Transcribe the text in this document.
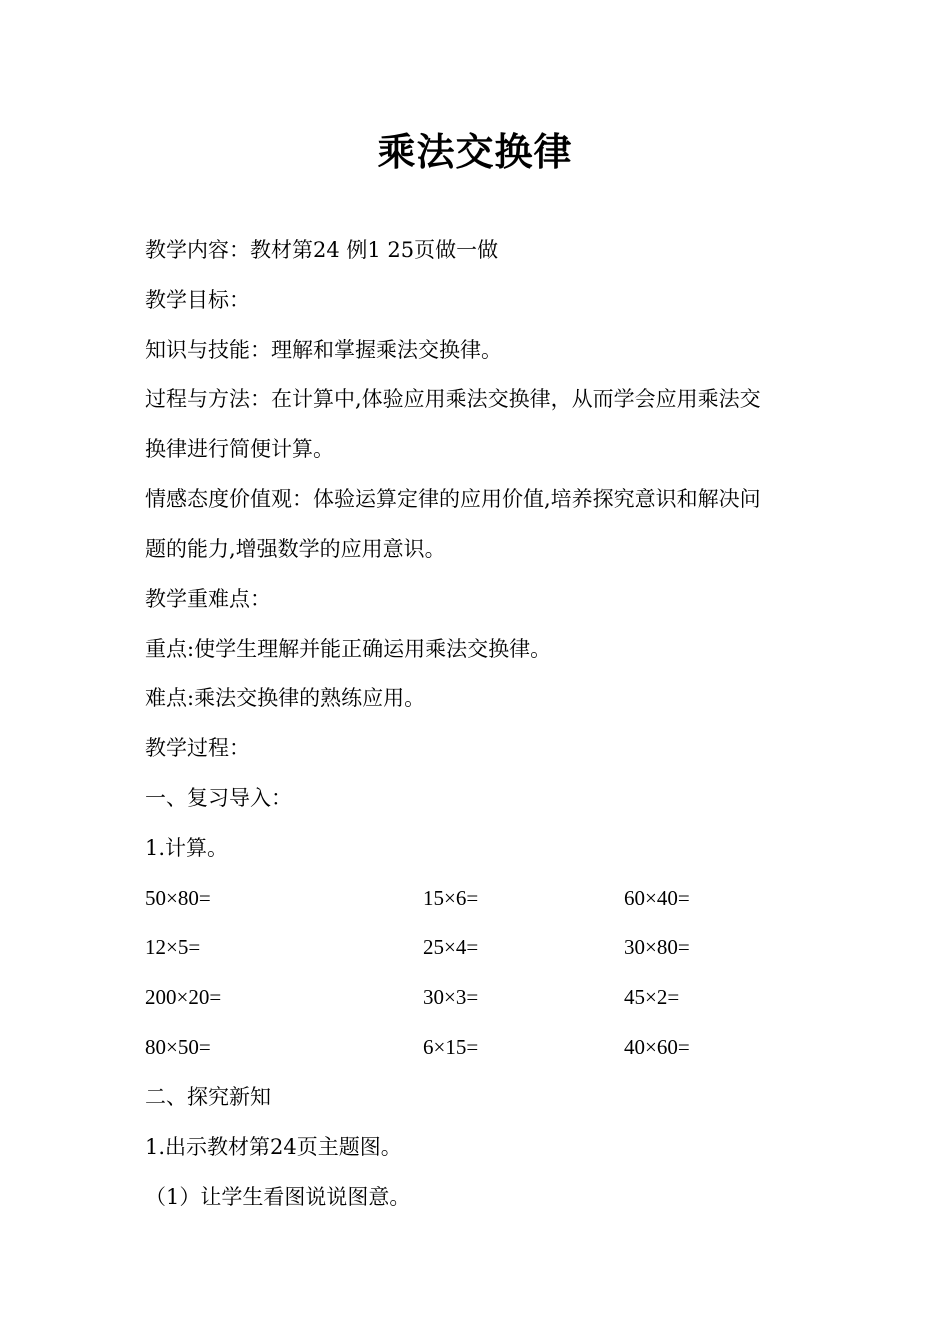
乘法交换律
教学内容：教材第24 例1 25页做一做
教学目标：
知识与技能：理解和掌握乘法交换律。
过程与方法：在计算中,体验应用乘法交换律，从而学会应用乘法交
换律进行简便计算。
情感态度价值观：体验运算定律的应用价值,培养探究意识和解决问
题的能力,增强数学的应用意识。
教学重难点：
重点:使学生理解并能正确运用乘法交换律。
难点:乘法交换律的熟练应用。
教学过程：
一、复习导入：
1.计算。
50×80=	15×6=	60×40=
12×5=	25×4=	30×80=
200×20=	30×3=	45×2=
80×50=	6×15=	40×60=
二、探究新知
1.出示教材第24页主题图。
（1）让学生看图说说图意。
